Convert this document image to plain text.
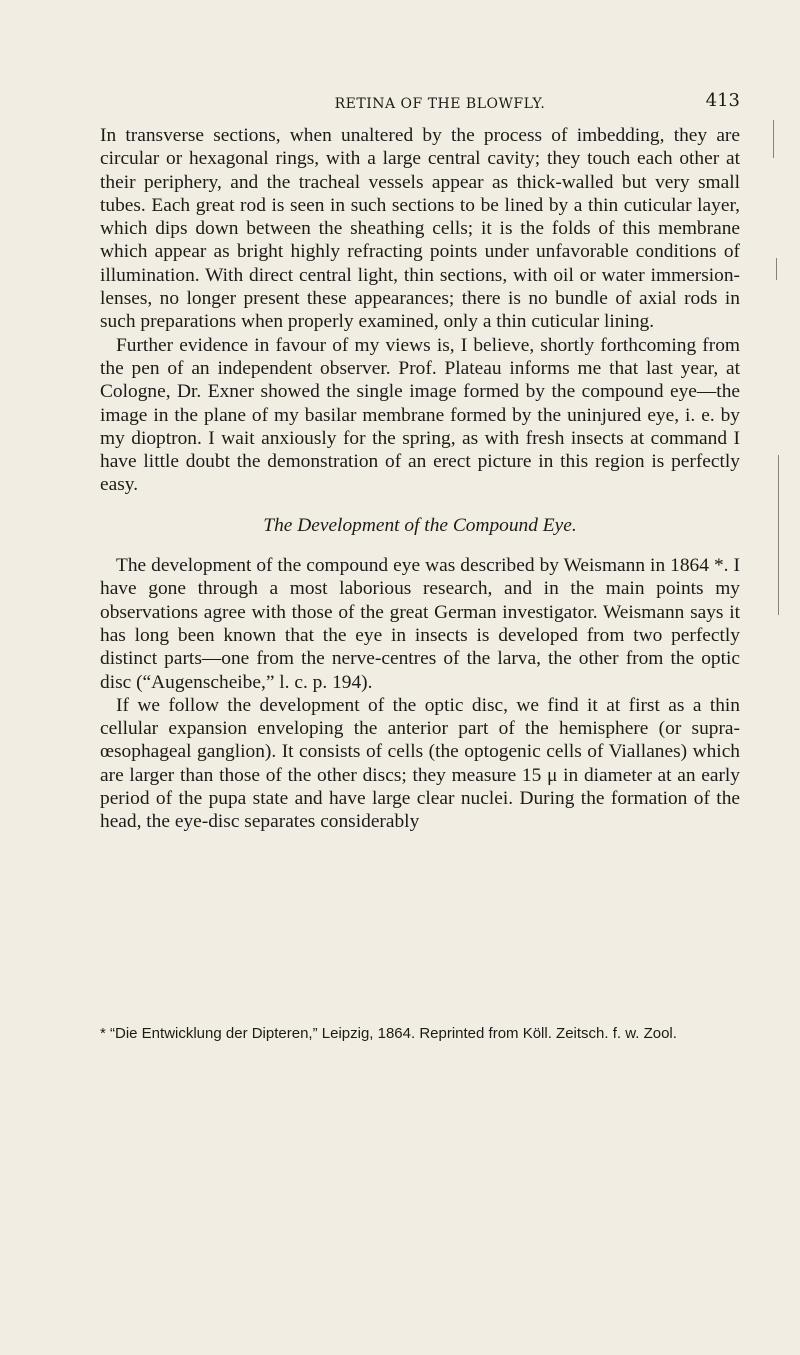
RETINA OF THE BLOWFLY.	413

In transverse sections, when unaltered by the process of imbedding, they are circular or hexagonal rings, with a large central cavity; they touch each other at their periphery, and the tracheal vessels appear as thick-walled but very small tubes. Each great rod is seen in such sections to be lined by a thin cuticular layer, which dips down between the sheathing cells; it is the folds of this membrane which appear as bright highly refracting points under unfavorable conditions of illumination. With direct central light, thin sections, with oil or water immersion-lenses, no longer present these appearances; there is no bundle of axial rods in such preparations when properly examined, only a thin cuticular lining.

Further evidence in favour of my views is, I believe, shortly forthcoming from the pen of an independent observer. Prof. Plateau informs me that last year, at Cologne, Dr. Exner showed the single image formed by the compound eye—the image in the plane of my basilar membrane formed by the uninjured eye, i. e. by my dioptron. I wait anxiously for the spring, as with fresh insects at command I have little doubt the demonstration of an erect picture in this region is perfectly easy.

The Development of the Compound Eye.

The development of the compound eye was described by Weismann in 1864 *. I have gone through a most laborious research, and in the main points my observations agree with those of the great German investigator. Weismann says it has long been known that the eye in insects is developed from two perfectly distinct parts—one from the nerve-centres of the larva, the other from the optic disc (“Augenscheibe,” l. c. p. 194).

If we follow the development of the optic disc, we find it at first as a thin cellular expansion enveloping the anterior part of the hemisphere (or supra-œsophageal ganglion). It consists of cells (the optogenic cells of Viallanes) which are larger than those of the other discs; they measure 15 μ in diameter at an early period of the pupa state and have large clear nuclei. During the formation of the head, the eye-disc separates considerably

* “Die Entwicklung der Dipteren,” Leipzig, 1864. Reprinted from Köll. Zeitsch. f. w. Zool.
